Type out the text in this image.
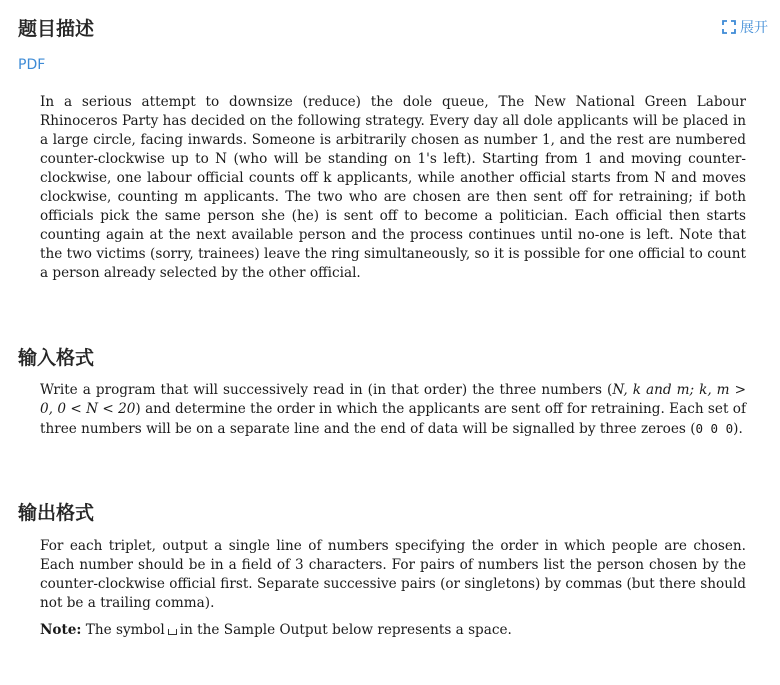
题目描述	展开
PDF

In a serious attempt to downsize (reduce) the dole queue, The New National Green Labour Rhinoceros Party has decided on the following strategy. Every day all dole applicants will be placed in a large circle, facing inwards. Someone is arbitrarily chosen as number 1, and the rest are numbered counter-clockwise up to N (who will be standing on 1's left). Starting from 1 and moving counter-clockwise, one labour official counts off k applicants, while another official starts from N and moves clockwise, counting m applicants. The two who are chosen are then sent off for retraining; if both officials pick the same person she (he) is sent off to become a politician. Each official then starts counting again at the next available person and the process continues until no-one is left. Note that the two victims (sorry, trainees) leave the ring simultaneously, so it is possible for one official to count a person already selected by the other official.

输入格式

Write a program that will successively read in (in that order) the three numbers (N, k and m; k, m > 0, 0 < N < 20) and determine the order in which the applicants are sent off for retraining. Each set of three numbers will be on a separate line and the end of data will be signalled by three zeroes (0 0 0).

输出格式

For each triplet, output a single line of numbers specifying the order in which people are chosen. Each number should be in a field of 3 characters. For pairs of numbers list the person chosen by the counter-clockwise official first. Separate successive pairs (or singletons) by commas (but there should not be a trailing comma).

Note: The symbol in the Sample Output below represents a space.
